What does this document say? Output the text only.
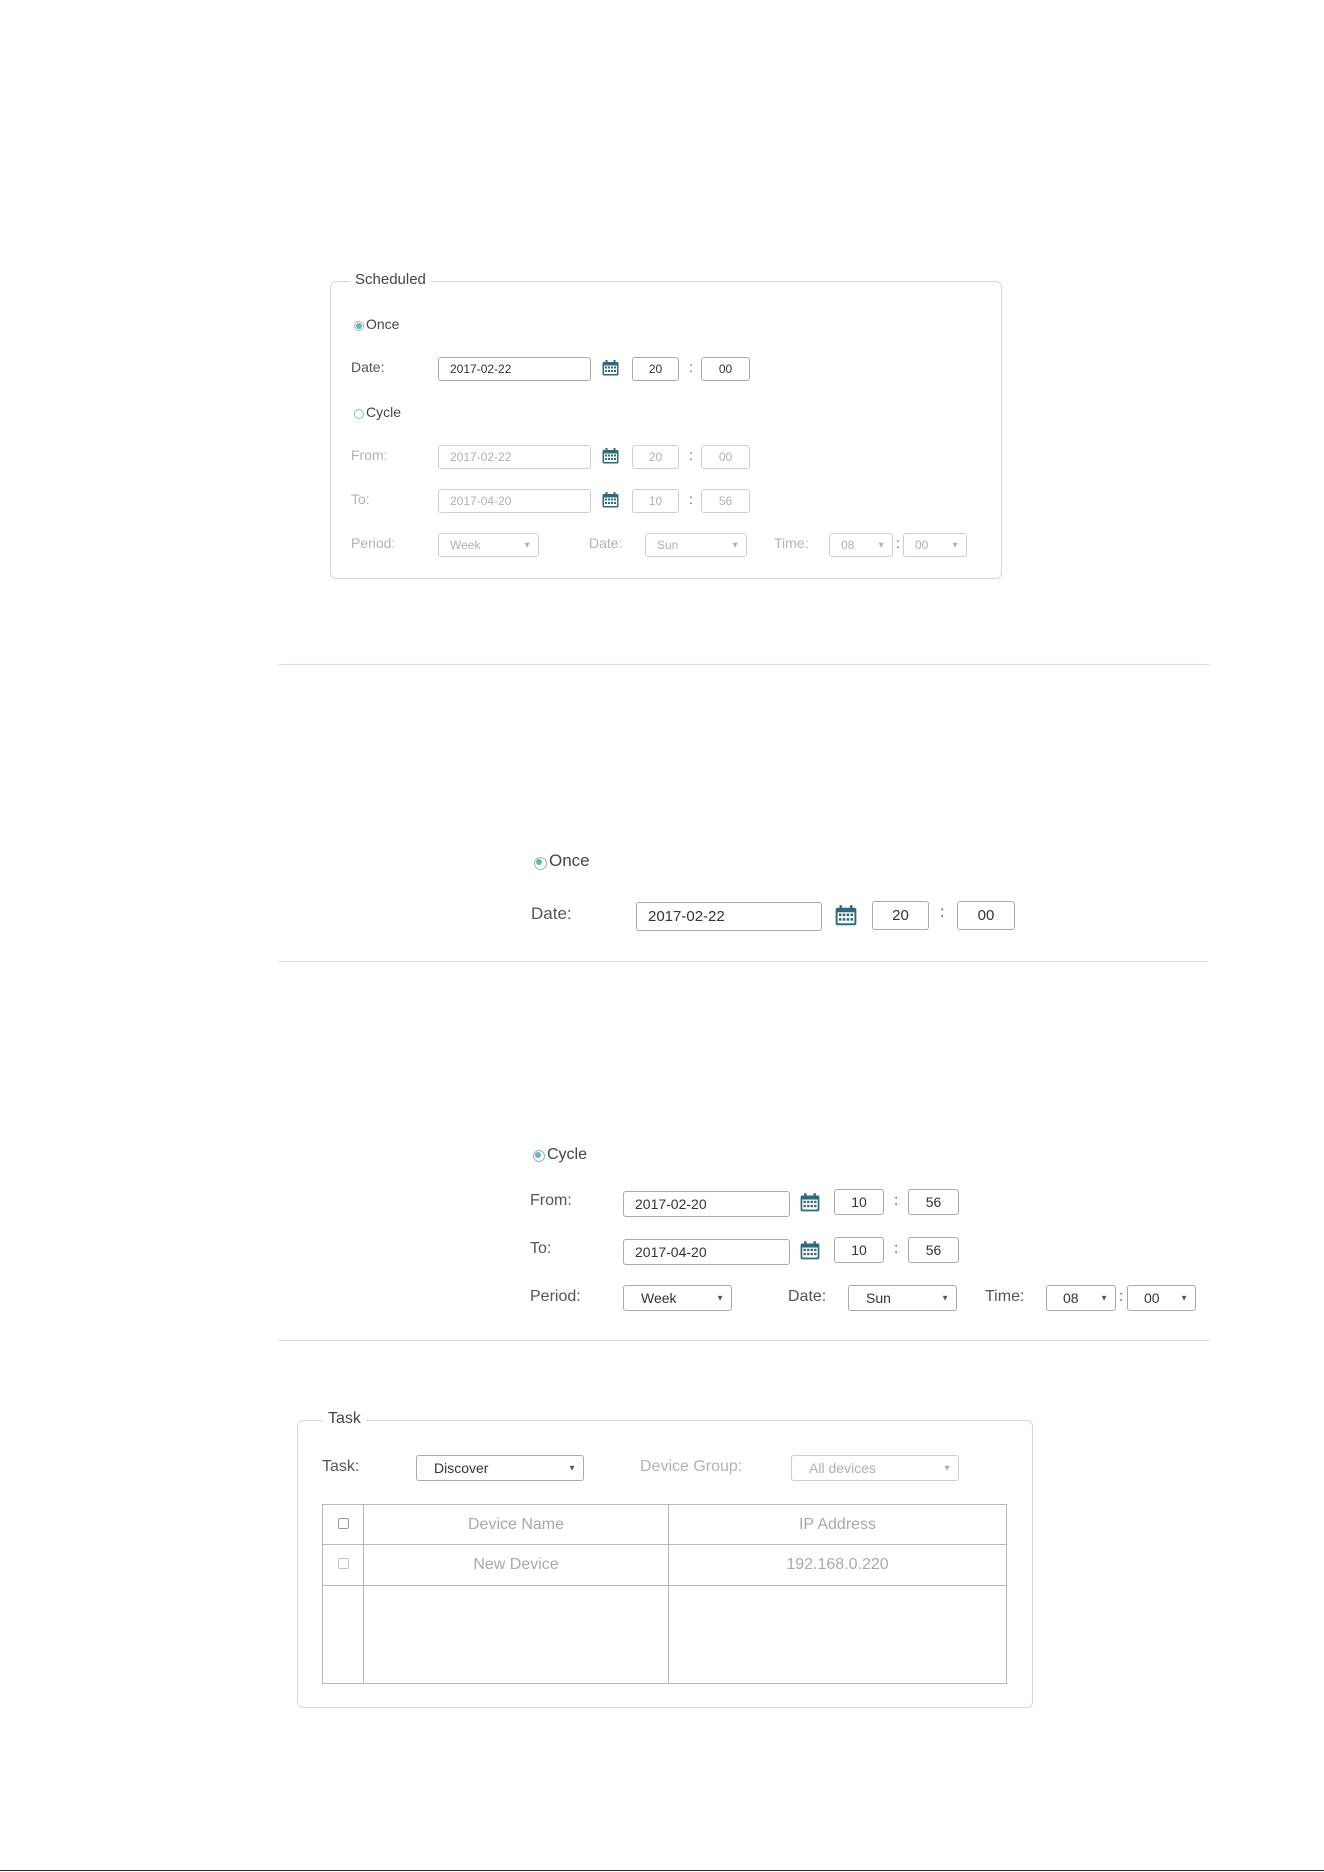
Scheduled
Once
Date:	2017-02-22	20 : 00
Cycle
From:	2017-02-22	20 : 00
To:	2017-04-20	10 : 56
Period:	Week	▼	Date:	Sun	▼	Time:	08	▼ : 00	▼
Once
Date:	2017-02-22	20 : 00
Cycle
From:	2017-02-20	10 : 56
To:	2017-04-20	10 : 56
Period:	Week	▼	Date:	Sun	▼ Time:	08	▼ : 00	▼
Task
Task:	Discover	▼	Device Group:	All devices	▼
	Device Name	IP Address
	New Device	192.168.0.220
